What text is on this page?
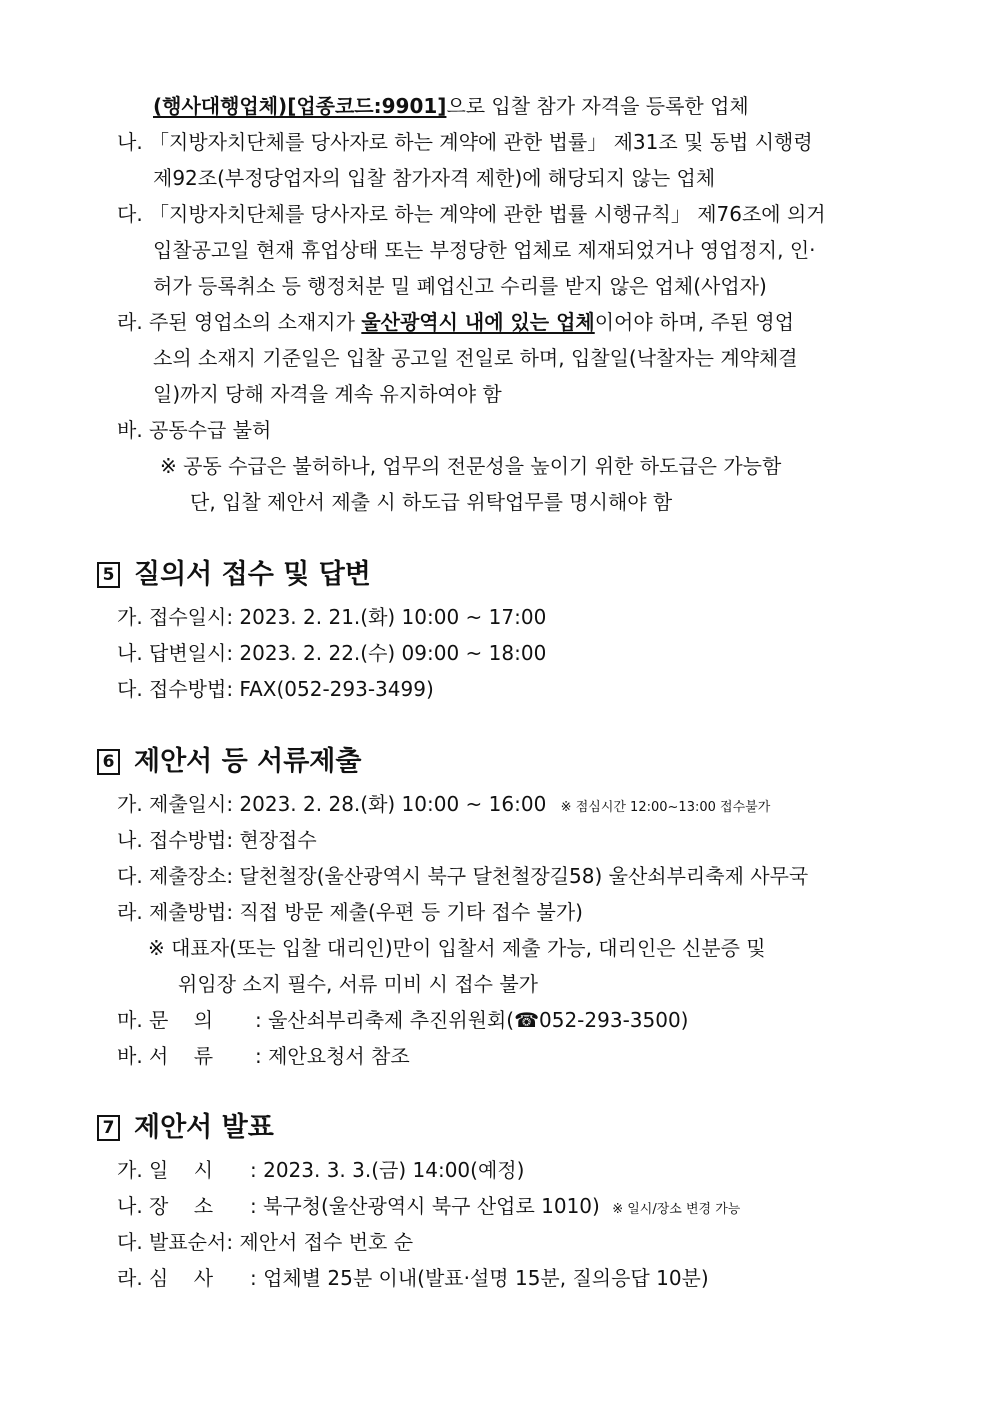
(행사대행업체)[업종코드:9901]으로 입찰 참가 자격을 등록한 업체
나. 「지방자치단체를 당사자로 하는 계약에 관한 법률」 제31조 및 동법 시행령
제92조(부정당업자의 입찰 참가자격 제한)에 해당되지 않는 업체
다. 「지방자치단체를 당사자로 하는 계약에 관한 법률 시행규칙」 제76조에 의거
입찰공고일 현재 휴업상태 또는 부정당한 업체로 제재되었거나 영업정지, 인·
허가 등록취소 등 행정처분 밀 폐업신고 수리를 받지 않은 업체(사업자)
라. 주된 영업소의 소재지가 울산광역시 내에 있는 업체이어야 하며, 주된 영업
소의 소재지 기준일은 입찰 공고일 전일로 하며, 입찰일(낙찰자는 계약체결
일)까지 당해 자격을 계속 유지하여야 함
바. 공동수급 불허
※ 공동 수급은 불허하나, 업무의 전문성을 높이기 위한 하도급은 가능함
단, 입찰 제안서 제출 시 하도급 위탁업무를 명시해야 함
5 질의서 접수 및 답변
가. 접수일시: 2023. 2. 21.(화) 10:00 ~ 17:00
나. 답변일시: 2023. 2. 22.(수) 09:00 ~ 18:00
다. 접수방법: FAX(052-293-3499)
6 제안서 등 서류제출
가. 제출일시: 2023. 2. 28.(화) 10:00 ~ 16:00 ※ 점심시간 12:00~13:00 접수불가
나. 접수방법: 현장접수
다. 제출장소: 달천철장(울산광역시 북구 달천철장길58) 울산쇠부리축제 사무국
라. 제출방법: 직접 방문 제출(우편 등 기타 접수 불가)
※ 대표자(또는 입찰 대리인)만이 입찰서 제출 가능, 대리인은 신분증 및
위임장 소지 필수, 서류 미비 시 접수 불가
마. 문    의 : 울산쇠부리축제 추진위원회(☎052-293-3500)
바. 서    류 : 제안요청서 참조
7 제안서 발표
가. 일    시 : 2023. 3. 3.(금) 14:00(예정)
나. 장    소 : 북구청(울산광역시 북구 산업로 1010) ※ 일시/장소 변경 가능
다. 발표순서: 제안서 접수 번호 순
라. 심    사 : 업체별 25분 이내(발표·설명 15분, 질의응답 10분)
